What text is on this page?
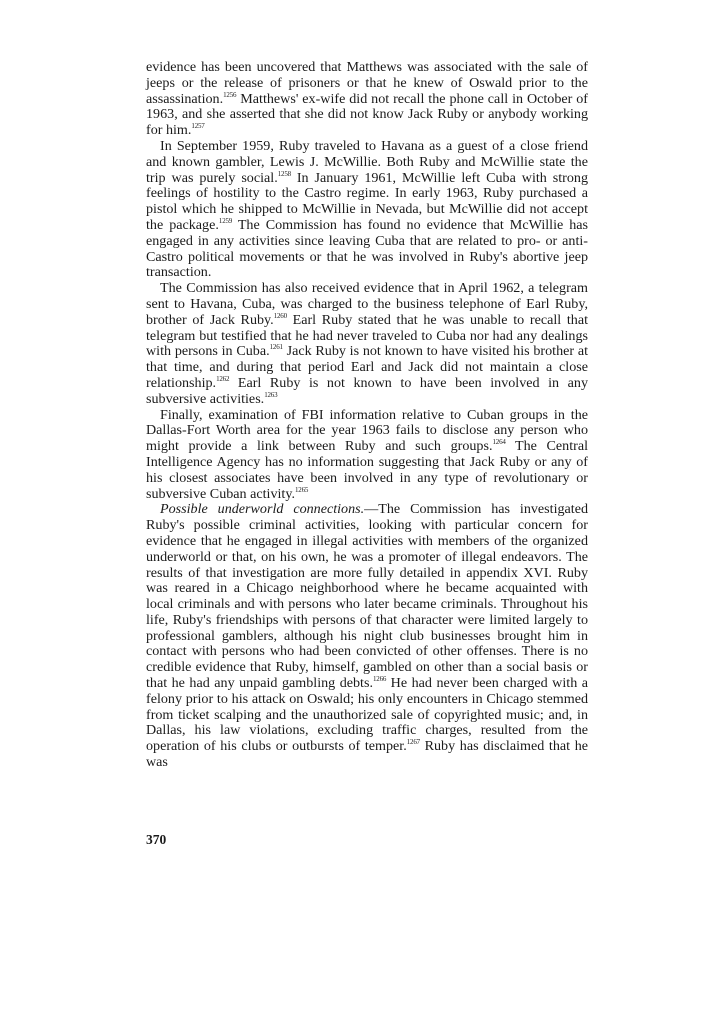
evidence has been uncovered that Matthews was associated with the sale of jeeps or the release of prisoners or that he knew of Oswald prior to the assassination.$^{1256}$ Matthews' ex-wife did not recall the phone call in October of 1963, and she asserted that she did not know Jack Ruby or anybody working for him.$^{1257}$

In September 1959, Ruby traveled to Havana as a guest of a close friend and known gambler, Lewis J. McWillie. Both Ruby and McWillie state the trip was purely social.$^{1258}$ In January 1961, McWillie left Cuba with strong feelings of hostility to the Castro regime. In early 1963, Ruby purchased a pistol which he shipped to McWillie in Nevada, but McWillie did not accept the package.$^{1259}$ The Commission has found no evidence that McWillie has engaged in any activities since leaving Cuba that are related to pro- or anti-Castro political movements or that he was involved in Ruby's abortive jeep transaction.

The Commission has also received evidence that in April 1962, a telegram sent to Havana, Cuba, was charged to the business telephone of Earl Ruby, brother of Jack Ruby.$^{1260}$ Earl Ruby stated that he was unable to recall that telegram but testified that he had never traveled to Cuba nor had any dealings with persons in Cuba.$^{1261}$ Jack Ruby is not known to have visited his brother at that time, and during that period Earl and Jack did not maintain a close relationship.$^{1262}$ Earl Ruby is not known to have been involved in any subversive activities.$^{1263}$

Finally, examination of FBI information relative to Cuban groups in the Dallas-Fort Worth area for the year 1963 fails to disclose any person who might provide a link between Ruby and such groups.$^{1264}$ The Central Intelligence Agency has no information suggesting that Jack Ruby or any of his closest associates have been involved in any type of revolutionary or subversive Cuban activity.$^{1265}$

Possible underworld connections.—The Commission has investigated Ruby's possible criminal activities, looking with particular concern for evidence that he engaged in illegal activities with members of the organized underworld or that, on his own, he was a promoter of illegal endeavors. The results of that investigation are more fully detailed in appendix XVI. Ruby was reared in a Chicago neighborhood where he became acquainted with local criminals and with persons who later became criminals. Throughout his life, Ruby's friendships with persons of that character were limited largely to professional gamblers, although his night club businesses brought him in contact with persons who had been convicted of other offenses. There is no credible evidence that Ruby, himself, gambled on other than a social basis or that he had any unpaid gambling debts.$^{1266}$ He had never been charged with a felony prior to his attack on Oswald; his only encounters in Chicago stemmed from ticket scalping and the unauthorized sale of copyrighted music; and, in Dallas, his law violations, excluding traffic charges, resulted from the operation of his clubs or outbursts of temper.$^{1267}$ Ruby has disclaimed that he was

370
